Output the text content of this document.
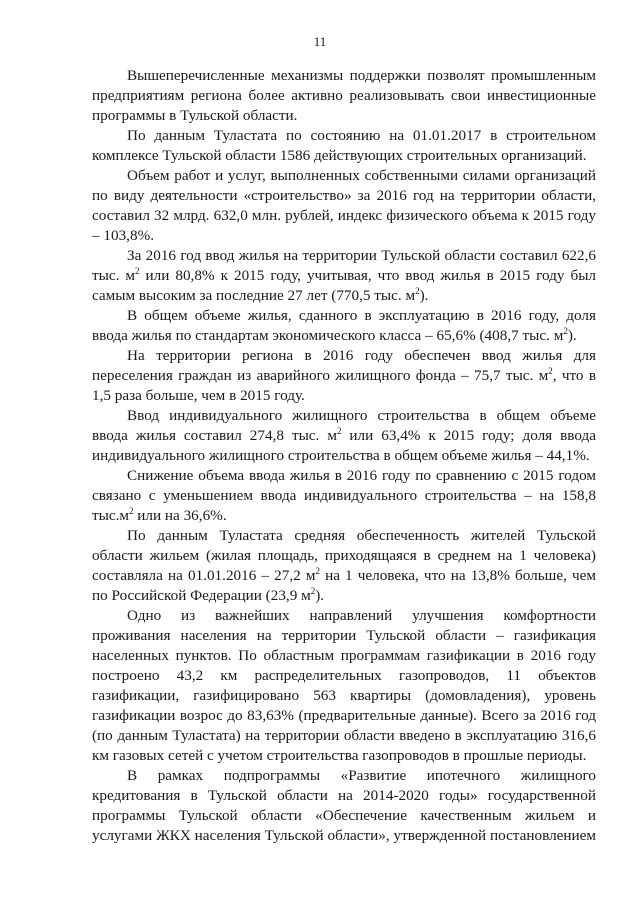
11

Вышеперечисленные механизмы поддержки позволят промышленным предприятиям региона более активно реализовывать свои инвестиционные программы в Тульской области.

По данным Туластата по состоянию на 01.01.2017 в строительном комплексе Тульской области 1586 действующих строительных организаций.

Объем работ и услуг, выполненных собственными силами организаций по виду деятельности «строительство» за 2016 год на территории области, составил 32 млрд. 632,0 млн. рублей, индекс физического объема к 2015 году – 103,8%.

За 2016 год ввод жилья на территории Тульской области составил 622,6 тыс. $м^2$ или 80,8% к 2015 году, учитывая, что ввод жилья в 2015 году был самым высоким за последние 27 лет (770,5 тыс. $м^2$).

В общем объеме жилья, сданного в эксплуатацию в 2016 году, доля ввода жилья по стандартам экономического класса – 65,6% (408,7 тыс. $м^2$).

На территории региона в 2016 году обеспечен ввод жилья для переселения граждан из аварийного жилищного фонда – 75,7 тыс. $м^2$, что в 1,5 раза больше, чем в 2015 году.

Ввод индивидуального жилищного строительства в общем объеме ввода жилья составил 274,8 тыс. $м^2$ или 63,4% к 2015 году; доля ввода индивидуального жилищного строительства в общем объеме жилья – 44,1%.

Снижение объема ввода жилья в 2016 году по сравнению с 2015 годом связано с уменьшением ввода индивидуального строительства – на 158,8 $тыс.м^2$ или на 36,6%.

По данным Туластата средняя обеспеченность жителей Тульской области жильем (жилая площадь, приходящаяся в среднем на 1 человека) составляла на 01.01.2016 – 27,2 $м^2$ на 1 человека, что на 13,8% больше, чем по Российской Федерации (23,9 $м^2$).

Одно из важнейших направлений улучшения комфортности проживания населения на территории Тульской области – газификация населенных пунктов. По областным программам газификации в 2016 году построено 43,2 км распределительных газопроводов, 11 объектов газификации, газифицировано 563 квартиры (домовладения), уровень газификации возрос до 83,63% (предварительные данные). Всего за 2016 год (по данным Туластата) на территории области введено в эксплуатацию 316,6 км газовых сетей с учетом строительства газопроводов в прошлые периоды.

В рамках подпрограммы «Развитие ипотечного жилищного кредитования в Тульской области на 2014-2020 годы» государственной программы Тульской области «Обеспечение качественным жильем и услугами ЖКХ населения Тульской области», утвержденной постановлением
